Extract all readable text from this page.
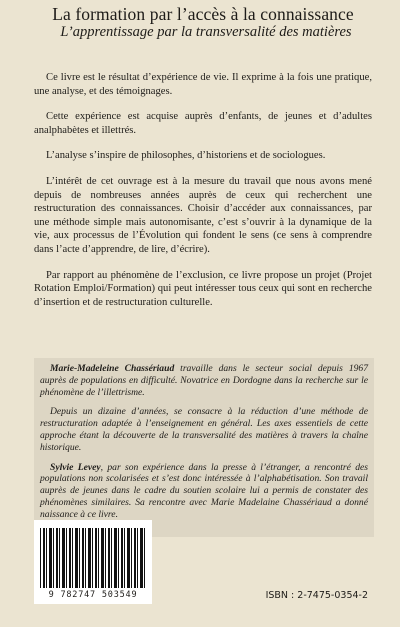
La formation par l’accès à la connaissance
L’apprentissage par la transversalité des matières

Ce livre est le résultat d’expérience de vie. Il exprime à la fois une pratique, une analyse, et des témoignages.

Cette expérience est acquise auprès d’enfants, de jeunes et d’adultes analphabètes et illettrés.

L’analyse s’inspire de philosophes, d’historiens et de sociologues.

L’intérêt de cet ouvrage est à la mesure du travail que nous avons mené depuis de nombreuses années auprès de ceux qui recherchent une restructuration des connaissances. Choisir d’accéder aux connaissances, par une méthode simple mais autonomisante, c’est s’ouvrir à la dynamique de la vie, aux processus de l’Évolution qui fondent le sens (ce sens à comprendre dans l’acte d’apprendre, de lire, d’écrire).

Par rapport au phénomène de l’exclusion, ce livre propose un projet (Projet Rotation Emploi/Formation) qui peut intéresser tous ceux qui sont en recherche d’insertion et de restructuration culturelle.

Marie-Madeleine Chassériaud travaille dans le secteur social depuis 1967 auprès de populations en difficulté. Novatrice en Dordogne dans la recherche sur le phénomène de l’illettrisme.

Depuis un dizaine d’années, se consacre à la réduction d’une méthode de restructuration adaptée à l’enseignement en général. Les axes essentiels de cette approche étant la découverte de la transversalité des matières à travers la chaîne historique.

Sylvie Levey, par son expérience dans la presse à l’étranger, a rencontré des populations non scolarisées et s’est donc intéressée à l’alphabétisation. Son travail auprès de jeunes dans le cadre du soutien scolaire lui a permis de constater des phénomènes similaires. Sa rencontre avec Marie Madelaine Chassériaud a donné naissance à ce livre.

9 782747 503549	ISBN : 2-7475-0354-2
